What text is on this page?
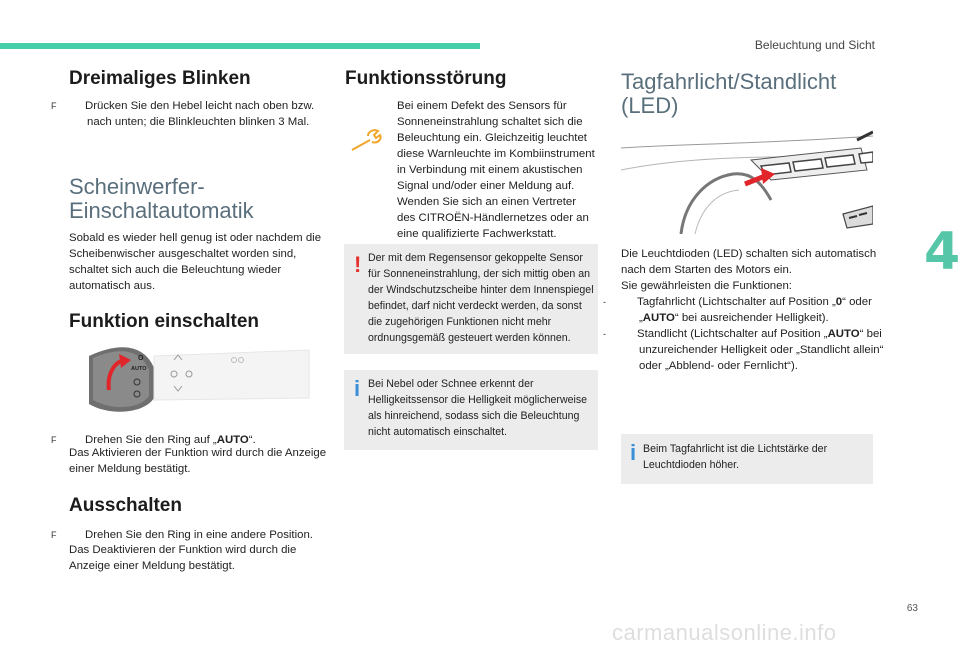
Beleuchtung und Sicht
Dreimaliges Blinken
F	Drücken Sie den Hebel leicht nach oben bzw. nach unten; die Blinkleuchten blinken 3 Mal.
Scheinwerfer-
Einschaltautomatik
Sobald es wieder hell genug ist oder nachdem die Scheibenwischer ausgeschaltet worden sind, schaltet sich auch die Beleuchtung wieder automatisch aus.
Funktion einschalten
O
AUTO
F	Drehen Sie den Ring auf „AUTO“.
Das Aktivieren der Funktion wird durch die Anzeige einer Meldung bestätigt.
Ausschalten
F	Drehen Sie den Ring in eine andere Position.
Das Deaktivieren der Funktion wird durch die Anzeige einer Meldung bestätigt.
Funktionsstörung
Bei einem Defekt des Sensors für Sonneneinstrahlung schaltet sich die Beleuchtung ein. Gleichzeitig leuchtet diese Warnleuchte im Kombiinstrument in Verbindung mit einem akustischen Signal und/oder einer Meldung auf. Wenden Sie sich an einen Vertreter des CITROËN-Händlernetzes oder an eine qualifizierte Fachwerkstatt.
! Der mit dem Regensensor gekoppelte Sensor für Sonneneinstrahlung, der sich mittig oben an der Windschutzscheibe hinter dem Innenspiegel befindet, darf nicht verdeckt werden, da sonst die zugehörigen Funktionen nicht mehr ordnungsgemäß gesteuert werden können.
i Bei Nebel oder Schnee erkennt der Helligkeitssensor die Helligkeit möglicherweise als hinreichend, sodass sich die Beleuchtung nicht automatisch einschaltet.
Tagfahrlicht/Standlicht
(LED)
Die Leuchtdioden (LED) schalten sich automatisch nach dem Starten des Motors ein.
Sie gewährleisten die Funktionen:
-	Tagfahrlicht (Lichtschalter auf Position „0“ oder „AUTO“ bei ausreichender Helligkeit).
-	Standlicht (Lichtschalter auf Position „AUTO“ bei unzureichender Helligkeit oder „Standlicht allein“ oder „Abblend- oder Fernlicht“).
i Beim Tagfahrlicht ist die Lichtstärke der Leuchtdioden höher.
4
63
carmanualsonline.info
